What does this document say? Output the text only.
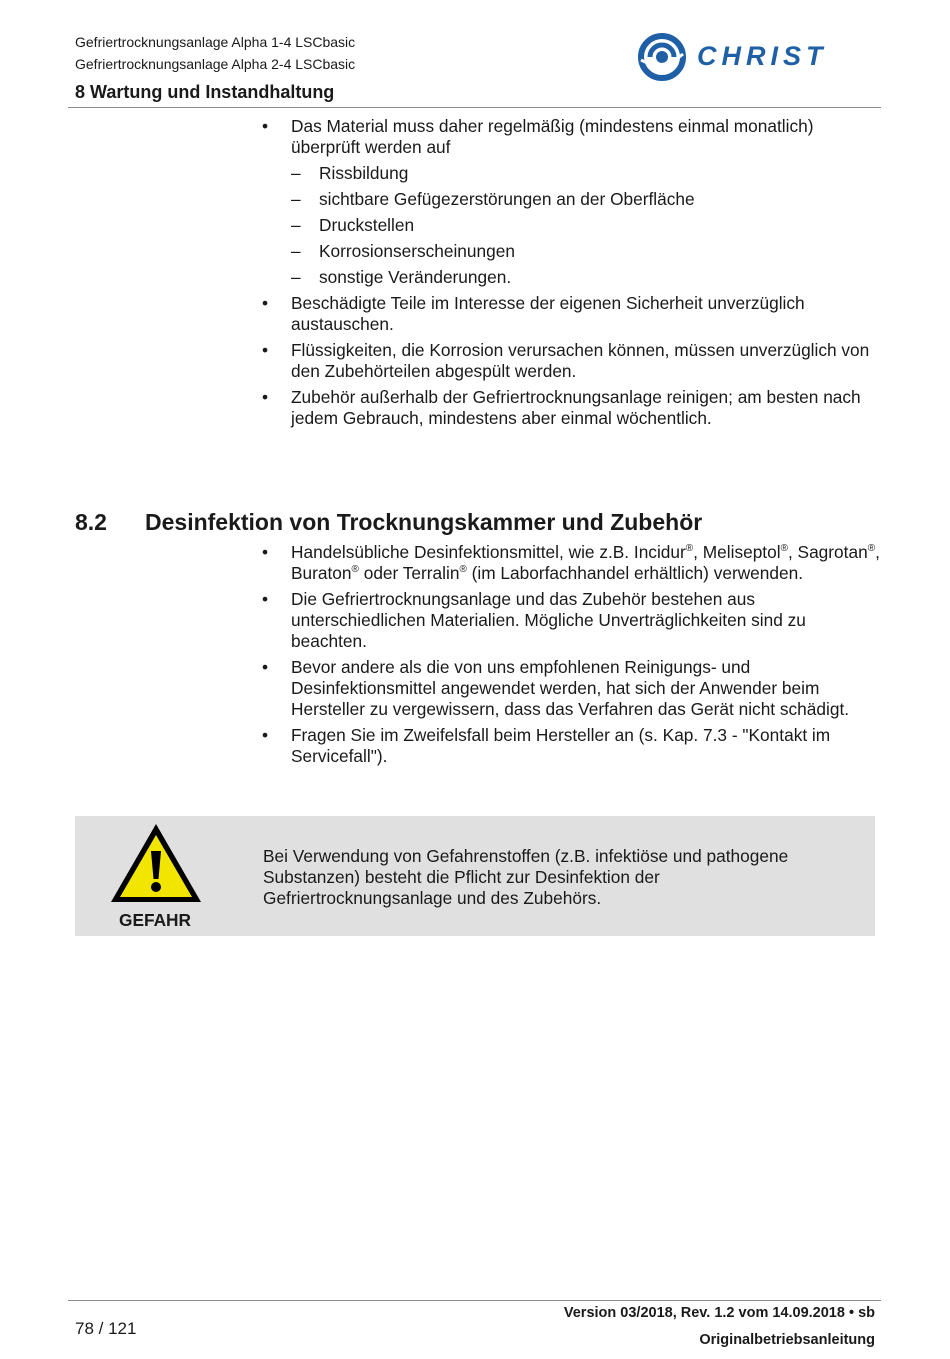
Gefriertrocknungsanlage Alpha 1-4 LSCbasic
Gefriertrocknungsanlage Alpha 2-4 LSCbasic
8 Wartung und Instandhaltung
CHRIST
• Das Material muss daher regelmäßig (mindestens einmal monatlich) überprüft werden auf
– Rissbildung
– sichtbare Gefügezerstörungen an der Oberfläche
– Druckstellen
– Korrosionserscheinungen
– sonstige Veränderungen.
• Beschädigte Teile im Interesse der eigenen Sicherheit unverzüglich austauschen.
• Flüssigkeiten, die Korrosion verursachen können, müssen unverzüglich von den Zubehörteilen abgespült werden.
• Zubehör außerhalb der Gefriertrocknungsanlage reinigen; am besten nach jedem Gebrauch, mindestens aber einmal wöchentlich.
8.2 Desinfektion von Trocknungskammer und Zubehör
• Handelsübliche Desinfektionsmittel, wie z.B. Incidur®, Meliseptol®, Sagrotan®, Buraton® oder Terralin® (im Laborfachhandel erhältlich) verwenden.
• Die Gefriertrocknungsanlage und das Zubehör bestehen aus unterschiedlichen Materialien. Mögliche Unverträglichkeiten sind zu beachten.
• Bevor andere als die von uns empfohlenen Reinigungs- und Desinfektionsmittel angewendet werden, hat sich der Anwender beim Hersteller zu vergewissern, dass das Verfahren das Gerät nicht schädigt.
• Fragen Sie im Zweifelsfall beim Hersteller an (s. Kap. 7.3 - "Kontakt im Servicefall").
GEFAHR
Bei Verwendung von Gefahrenstoffen (z.B. infektiöse und pathogene Substanzen) besteht die Pflicht zur Desinfektion der Gefriertrocknungsanlage und des Zubehörs.
78 / 121
Version 03/2018, Rev. 1.2 vom 14.09.2018 • sb
Originalbetriebsanleitung
